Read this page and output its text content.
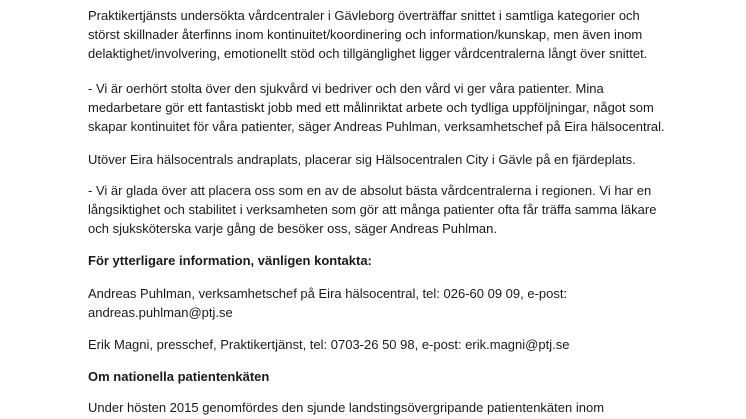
Praktikertjänsts undersökta vårdcentraler i Gävleborg överträffar snittet i samtliga kategorier och
störst skillnader återfinns inom kontinuitet/koordinering och information/kunskap, men även inom
delaktighet/involvering, emotionellt stöd och tillgänglighet ligger vårdcentralerna långt över snittet.

- Vi är oerhört stolta över den sjukvård vi bedriver och den vård vi ger våra patienter. Mina
medarbetare gör ett fantastiskt jobb med ett målinriktat arbete och tydliga uppföljningar, något som
skapar kontinuitet för våra patienter, säger Andreas Puhlman, verksamhetschef på Eira hälsocentral.

Utöver Eira hälsocentrals andraplats, placerar sig Hälsocentralen City i Gävle på en fjärdeplats.

- Vi är glada över att placera oss som en av de absolut bästa vårdcentralerna i regionen. Vi har en
långsiktighet och stabilitet i verksamheten som gör att många patienter ofta får träffa samma läkare
och sjuksköterska varje gång de besöker oss, säger Andreas Puhlman.

För ytterligare information, vänligen kontakta:

Andreas Puhlman, verksamhetschef på Eira hälsocentral, tel: 026-60 09 09, e-post:
andreas.puhlman@ptj.se

Erik Magni, presschef, Praktikertjänst, tel: 0703-26 50 98, e-post: erik.magni@ptj.se

Om nationella patientenkäten

Under hösten 2015 genomfördes den sjunde landstingsövergripande patientenkäten inom
